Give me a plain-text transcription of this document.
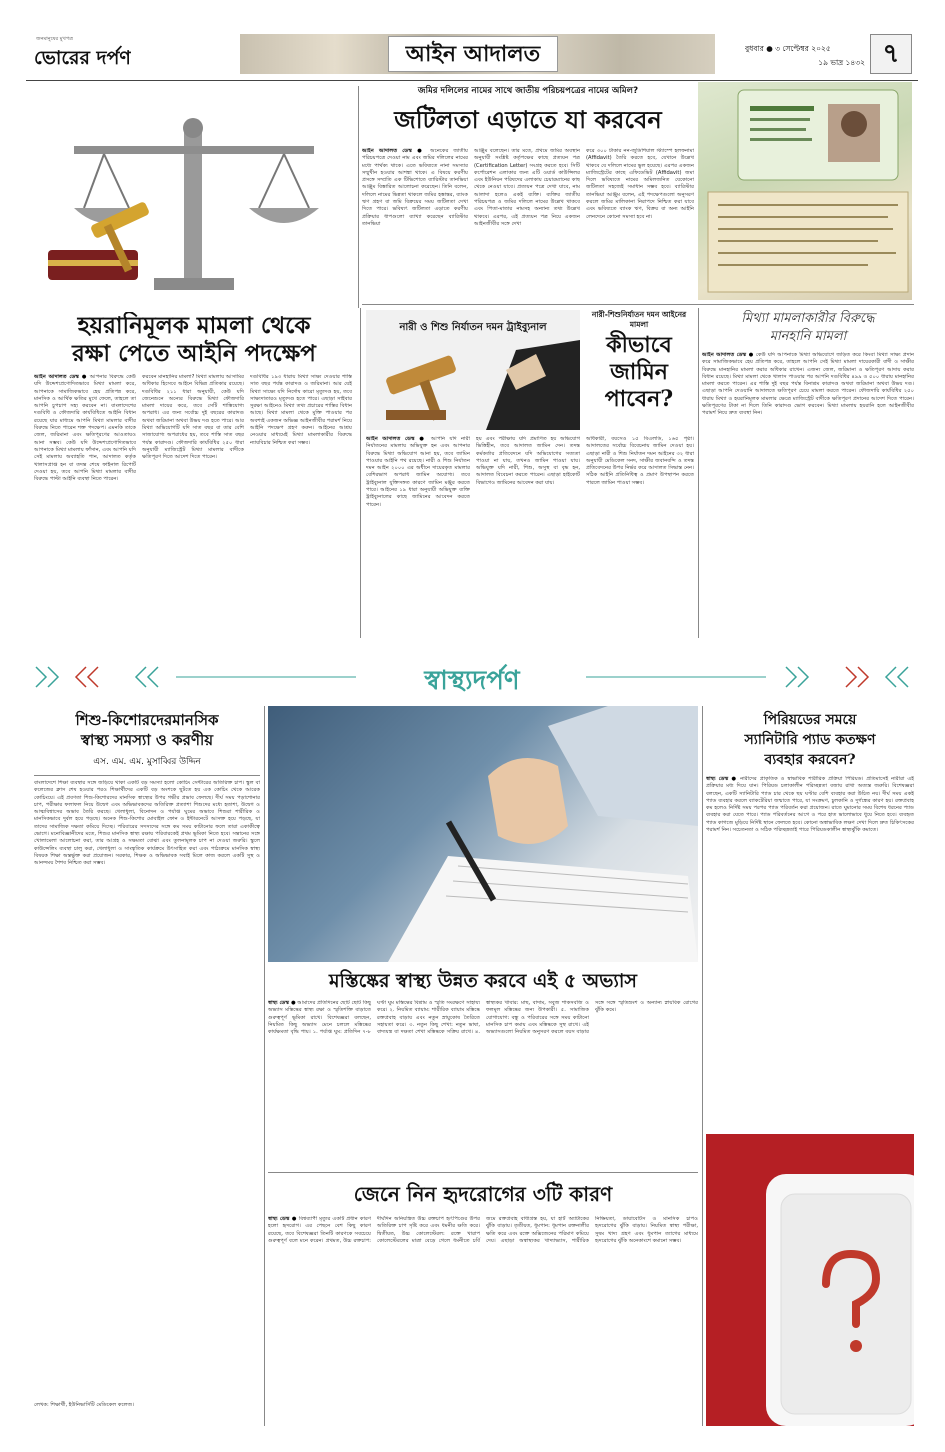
জনমানুষের মুখপত্র
ভোরের দর্পণ	আইন আদালত	বুধবার ● ৩ সেপ্টেম্বর ২০২৫
১৯ ভাদ্র ১৪৩২ ৭
জমির দলিলের নামের সাথে জাতীয় পরিচয়পত্রের নামের অমিল?
জটিলতা এড়াতে যা করবেন
আইন আদালত ডেস্ক ● অনেকের জাতীয় পরিচয়পত্রে দেওয়া নাম এবং জমির দলিলের নামের মধ্যে পার্থক্য থাকে। এতে ভবিষ্যতে নানা সমস্যার সম্মুখীন হওয়ার আশঙ্কা থাকে। এ বিষয়ে করণীয় প্রসঙ্গে সম্প্রতি এক টিভিশোতে ব্যারিস্টার তানভিয়া আঞ্জুম বিস্তারিত আলোচনা করেছেন। তিনি বলেন, দলিলে নামের ভিন্নতা থাকলে জমির হস্তান্তর, ব্যাংক ঋণ গ্রহণ বা জমি বিক্রয়ের সময় জটিলতা দেখা দিতে পারে। ভবিষ্যৎ জটিলতা এড়াতে করণীয় প্রক্রিয়ার ধাপগুলো ব্যাখ্যা করেছেন ব্যারিস্টার তানভিয়া
আঞ্জুম বলেছেন। তার মতে, প্রথমে জমির অবস্থান অনুযায়ী সংশ্লিষ্ট কর্তৃপক্ষের কাছে প্রত্যয়ন পত্র (Certification Letter) সংগ্রহ করতে হবে। সিটি কর্পোরেশন এলাকার জন্য এটি ওয়ার্ড কাউন্সিলর এবং ইউনিয়ন পরিষদের এলাকায় চেয়ারম্যানের কাছ থেকে নেওয়া যাবে। প্রত্যয়ন পত্রে দেখা যাবে, নাম আলাদা হলেও একই ব্যক্তি। ব্যক্তির জাতীয় পরিচয়পত্র ও জমির দলিলে নামের উল্লেখ থাকবে এবং পিতা-মাতার নামসহ অন্যান্য তথ্য উল্লেখ থাকবে। এরপর, এই প্রত্যয়ন পত্র নিয়ে একজন আইনজীবীর সঙ্গে দেখা
করে ৩০০ টাকার নন-জুডিশিয়াল স্ট্যাম্পে হলফনামা (Affidavit) তৈরি করতে হবে, যেখানে উল্লেখ থাকবে যে দলিলে নামের ভুল হয়েছে। এরপর একজন ম্যাজিস্ট্রেটের কাছে এফিডেভিট (Affidavit) জমা দিলে ভবিষ্যতে নামের অমিলজনিত যেকোনো জটিলতা সহজেই সমাধান সম্ভব হবে। ব্যারিস্টার তানভিয়া আঞ্জুম বলেন, এই পদক্ষেপগুলো অনুসরণ করলে জমির মালিকানা নিরাপদে নিশ্চিত করা যাবে এবং ভবিষ্যতে ব্যাংক ঋণ, বিক্রয় বা অন্য আইনি লেনদেনে কোনো সমস্যা হবে না।
হয়রানিমূলক মামলা থেকে
রক্ষা পেতে আইনি পদক্ষেপ
আইন আদালত ডেস্ক ● আপনার বিরুদ্ধে কেউ যদি উদ্দেশ্যপ্রণোদিতভাবে মিথ্যা মামলা করে, আপনাকে সামাজিকভাবে হেয় প্রতিপন্ন করে, মানসিক ও আর্থিক ক্ষতির মুখে ফেলে, তাহলে তা আপনি চুপচাপ সহ্য করবেন না। বাংলাদেশের দণ্ডবিধি ও ফৌজদারি কার্যবিধিতে আইনি বিধান রয়েছে যার মাধ্যমে আপনি মিথ্যা মামলার বাদীর বিরুদ্ধে নিতে পারেন শক্ত পদক্ষেপ। এমনকি তাকে জেল, জরিমানা এবং ক্ষতিপূরণের আওতায়ও আনা সম্ভব। কেউ যদি উদ্দেশ্যপ্রণোদিতভাবে আপনাকে মিথ্যা মামলায় ফাঁসান, এবং আপনি যদি সেই মামলায় অব্যাহতি পান, আদালত কর্তৃক খালাসপ্রাপ্ত হন বা তদন্ত শেষে ফাইনাল রিপোর্ট দেওয়া হয়, তবে আপনি মিথ্যা মামলার বাদীর বিরুদ্ধে পাল্টা আইনি ব্যবস্থা নিতে পারেন।
করবেন মানহানির মামলা? মিথ্যা মামলায় আসামির অধিকার হিসেবে আইনে বিভিন্ন প্রতিকার রয়েছে। দণ্ডবিধির ২১১ ধারা অনুযায়ী, কেউ যদি জেনেশুনে অন্যের বিরুদ্ধে মিথ্যা ফৌজদারি মামলা দায়ের করে, তবে সেটি শাস্তিযোগ্য অপরাধ। এর জন্য সর্বোচ্চ দুই বছরের কারাদণ্ড অথবা জরিমানা অথবা উভয় দণ্ড হতে পারে। আর মিথ্যা অভিযোগটি যদি সাত বছর বা তার বেশি সাজাযোগ্য অপরাধের হয়, তবে শাস্তি সাত বছর পর্যন্ত কারাদণ্ড। ফৌজদারি কার্যবিধির ২৫০ ধারা অনুযায়ী ম্যাজিস্ট্রেট মিথ্যা মামলার বাদীকে ক্ষতিপূরণ দিতে আদেশ দিতে পারেন।
দণ্ডবিধির ১৯৩ ধারায় মিথ্যা সাক্ষ্য দেওয়ার শাস্তি সাত বছর পর্যন্ত কারাদণ্ড ও জরিমানা। আর যেই মিথ্যা সাক্ষ্যে যদি নির্দোষ কারো মৃত্যুদণ্ড হয়, তবে সাক্ষ্যদাতারও মৃত্যুদণ্ড হতে পারে। এছাড়া সাইবার সুরক্ষা আইনেও মিথ্যা তথ্য প্রচারের শাস্তির বিধান আছে। মিথ্যা মামলা থেকে মুক্তি পাওয়ার পর অবশ্যই একজন অভিজ্ঞ আইনজীবীর পরামর্শ নিয়ে আইনি পদক্ষেপ গ্রহণ করুন। আইনের আশ্রয় নেওয়ার মাধ্যমেই মিথ্যা মামলাকারীর বিরুদ্ধে ন্যায়বিচার নিশ্চিত করা সম্ভব।
নারী ও শিশু নির্যাতন দমন ট্রাইব্যুনাল
নারী-শিশুনির্যাতন দমন আইনের মামলা
কীভাবে
জামিন
পাবেন?
আইন আদালত ডেস্ক ● আপনি যদি নারী নির্যাতনের মামলায় অভিযুক্ত হন এবং আপনার বিরুদ্ধে মিথ্যা অভিযোগ আনা হয়, তবে জামিন পাওয়ার আইনি পথ রয়েছে। নারী ও শিশু নির্যাতন দমন আইন ২০০০ এর অধীনে দায়েরকৃত মামলার বেশিরভাগ অপরাধ জামিন অযোগ্য। তবে ট্রাইব্যুনাল যুক্তিসঙ্গত কারণে জামিন মঞ্জুর করতে পারে। আইনের ১৯ ধারা অনুযায়ী অভিযুক্ত ব্যক্তি ট্রাইব্যুনালের কাছে জামিনের আবেদন করতে পারেন।
হয় এবং পরীক্ষায় যদি প্রমাণিত হয় অভিযোগ ভিত্তিহীন, তবে আদালত জামিন দেন। তদন্ত কর্মকর্তার প্রতিবেদনে যদি অভিযোগের সত্যতা পাওয়া না যায়, তখনও জামিন পাওয়া যায়। অভিযুক্ত যদি নারী, শিশু, অসুস্থ বা বৃদ্ধ হন, আদালত বিবেচনা করতে পারেন। এছাড়া হাইকোর্ট বিভাগেও জামিনের আবেদন করা যায়।
অধিকারী, বয়সেও ১৫ বিএলডি, ১৬৫ পৃষ্ঠা। আদালতের সর্বোচ্চ বিবেচনায় জামিন দেওয়া হয়। এছাড়া নারী ও শিশু নির্যাতন দমন আইনের ৩২ ধারা অনুযায়ী মেডিকেল সনদ, সাক্ষীর জবানবন্দি ও তদন্ত প্রতিবেদনের উপর নির্ভর করে আদালত সিদ্ধান্ত নেন। সঠিক আইনি প্রতিনিধিত্ব ও প্রমাণ উপস্থাপন করতে পারলে জামিন পাওয়া সম্ভব।
মিথ্যা মামলাকারীর বিরুদ্ধে
মানহানি মামলা
আইন আদালত ডেস্ক ● কেউ যদি আপনাকে মিথ্যা অভিযোগে জড়িত করে কিংবা মিথ্যা সাক্ষ্য প্রদান করে সামাজিকভাবে হেয় প্রতিপন্ন করে, তাহলে আপনি সেই মিথ্যা মামলা দায়েরকারী বাদী ও সাক্ষীর বিরুদ্ধে মানহানির মামলা করার অধিকার রাখেন। এজন্য জেল, জরিমানা ও ক্ষতিপূরণ আদায় করার বিধান রয়েছে। মিথ্যা মামলা থেকে খালাস পাওয়ার পর আপনি দণ্ডবিধির ৪৯৯ ও ৫০০ ধারায় মানহানির মামলা করতে পারেন। এর শাস্তি দুই বছর পর্যন্ত বিনাশ্রম কারাদণ্ড অথবা জরিমানা অথবা উভয় দণ্ড। এছাড়া আপনি দেওয়ানি আদালতে ক্ষতিপূরণ চেয়ে মামলা করতে পারেন। ফৌজদারি কার্যবিধির ২৫০ ধারায় মিথ্যা ও হয়রানিমূলক মামলার ক্ষেত্রে ম্যাজিস্ট্রেট বাদীকে ক্ষতিপূরণ প্রদানের আদেশ দিতে পারেন। ক্ষতিপূরণের টাকা না দিলে তিনি কারাদণ্ড ভোগ করবেন। মিথ্যা মামলায় হয়রানি হলে আইনজীবীর পরামর্শ নিয়ে দ্রুত ব্যবস্থা নিন।
স্বাস্থ্যদর্পণ
শিশু-কিশোরদেরমানসিক
স্বাস্থ্য সমস্যা ও করণীয়
এস. এম. এম. মুসাব্বির উদ্দিন
বাংলাদেশে শিক্ষা ব্যবস্থার সঙ্গে জড়িয়ে থাকা একটি বড় সমস্যা হলো কোচিং সেন্টারের অতিরিক্ত চাপ। স্কুল বা কলেজের ক্লাস শেষ হওয়ার পরও শিক্ষার্থীদের একটি বড় অংশকে ছুটতে হয় এক কোচিং থেকে আরেক কোচিংয়ে। এই প্রবণতা শিশু-কিশোরদের মানসিক স্বাস্থ্যের উপর গভীর প্রভাব ফেলছে। দীর্ঘ সময় পড়াশোনার চাপ, পরীক্ষার ফলাফল নিয়ে উদ্বেগ এবং অভিভাবকদের অতিরিক্ত প্রত্যাশা শিশুদের মধ্যে হতাশা, উদ্বেগ ও আত্মবিশ্বাসের অভাব তৈরি করছে। খেলাধুলা, বিনোদন ও পর্যাপ্ত ঘুমের অভাবে শিশুরা শারীরিক ও মানসিকভাবে দুর্বল হয়ে পড়ছে। অনেক শিশু-কিশোর মোবাইল ফোন ও ইন্টারনেটে আসক্ত হয়ে পড়ছে, যা তাদের সামাজিক দক্ষতা কমিয়ে দিচ্ছে। পরিবারের সদস্যদের সঙ্গে কম সময় কাটানোর ফলে তারা একাকীত্বে ভোগে। মনোবিজ্ঞানীদের মতে, শিশুর মানসিক স্বাস্থ্য রক্ষায় পরিবারকেই প্রথম ভূমিকা নিতে হবে। সন্তানের সঙ্গে খোলামেলা আলোচনা করা, তার আগ্রহ ও সক্ষমতা বোঝা এবং তুলনামূলক চাপ না দেওয়া জরুরি। স্কুলে কাউন্সেলিং ব্যবস্থা চালু করা, খেলাধুলা ও সাংস্কৃতিক কার্যক্রমে উৎসাহিত করা এবং পাঠ্যক্রমে মানসিক স্বাস্থ্য বিষয়ক শিক্ষা অন্তর্ভুক্ত করা প্রয়োজন। সরকার, শিক্ষক ও অভিভাবক সবাই মিলে কাজ করলে একটি সুস্থ ও আনন্দময় শৈশব নিশ্চিত করা সম্ভব।
লেখক: শিক্ষার্থী, ইউনিভার্সিটি মেডিকেল কলেজ।
মস্তিষ্কের স্বাস্থ্য উন্নত করবে এই ৫ অভ্যাস
স্বাস্থ্য ডেস্ক ● আমাদের প্রতিদিনের ছোট ছোট কিছু অভ্যাস মস্তিষ্কের স্বাস্থ্য রক্ষা ও স্মৃতিশক্তি বাড়াতে গুরুত্বপূর্ণ ভূমিকা রাখে। বিশেষজ্ঞরা বলছেন, নিয়মিত কিছু অভ্যাস মেনে চললে মস্তিষ্কের কার্যক্ষমতা বৃদ্ধি পায়। ১. পর্যাপ্ত ঘুম: প্রতিদিন ৭-৮ ঘণ্টা ঘুম মস্তিষ্কের বিশ্রাম ও স্মৃতি সংরক্ষণে সাহায্য করে। ২. নিয়মিত ব্যায়াম: শারীরিক ব্যায়াম মস্তিষ্কে রক্তপ্রবাহ বাড়ায় এবং নতুন স্নায়ুকোষ তৈরিতে সহায়তা করে। ৩. নতুন কিছু শেখা: নতুন ভাষা, বাদ্যযন্ত্র বা দক্ষতা শেখা মস্তিষ্ককে সক্রিয় রাখে। ৪. স্বাস্থ্যকর খাবার: মাছ, বাদাম, সবুজ শাকসবজি ও ফলমূল মস্তিষ্কের জন্য উপকারী। ৫. সামাজিক যোগাযোগ: বন্ধু ও পরিবারের সঙ্গে সময় কাটানো মানসিক চাপ কমায় এবং মস্তিষ্ককে সুস্থ রাখে। এই অভ্যাসগুলো নিয়মিত অনুসরণ করলে বয়স বাড়ার সঙ্গে সঙ্গে স্মৃতিভ্রংশ ও অন্যান্য স্নায়বিক রোগের ঝুঁকি কমে।
জেনে নিন হৃদরোগের ৩টি কারণ
স্বাস্থ্য ডেস্ক ● বিশ্বব্যাপী মৃত্যুর একটি প্রধান কারণ হলো হৃদরোগ। এর পেছনে বেশ কিছু কারণ রয়েছে, তবে বিশেষজ্ঞরা তিনটি কারণকে সবচেয়ে গুরুত্বপূর্ণ বলে মনে করেন। প্রথমত, উচ্চ রক্তচাপ: দীর্ঘদিন অনিয়ন্ত্রিত উচ্চ রক্তচাপ হৃৎপিণ্ডের উপর অতিরিক্ত চাপ সৃষ্টি করে এবং ধমনীর ক্ষতি করে। দ্বিতীয়ত, উচ্চ কোলেস্টেরল: রক্তে খারাপ কোলেস্টেরলের মাত্রা বেড়ে গেলে ধমনীতে চর্বি জমে রক্তপ্রবাহ বাধাগ্রস্ত হয়, যা হার্ট অ্যাটাকের ঝুঁকি বাড়ায়। তৃতীয়ত, ধূমপান: ধূমপান রক্তনালীর ক্ষতি করে এবং রক্তে অক্সিজেনের পরিমাণ কমিয়ে দেয়। এছাড়া অস্বাস্থ্যকর খাদ্যাভ্যাস, শারীরিক নিষ্ক্রিয়তা, ডায়াবেটিস ও মানসিক চাপও হৃদরোগের ঝুঁকি বাড়ায়। নিয়মিত স্বাস্থ্য পরীক্ষা, সুষম খাদ্য গ্রহণ এবং ধূমপান ত্যাগের মাধ্যমে হৃদরোগের ঝুঁকি অনেকাংশে কমানো সম্ভব।
পিরিয়ডের সময়ে
স্যানিটারি প্যাড কতক্ষণ
ব্যবহার করবেন?
স্বাস্থ্য ডেস্ক ● নারীদের প্রাকৃতিক ও স্বাভাবিক শারীরিক প্রক্রিয়া পিরিয়ড। প্রতিমাসেই নারীরা এই প্রক্রিয়ার মধ্য দিয়ে যান। পিরিয়ড চলাকালীন পরিচ্ছন্নতা বজায় রাখা অত্যন্ত জরুরি। বিশেষজ্ঞরা বলছেন, একটি স্যানিটারি প্যাড চার থেকে ছয় ঘণ্টার বেশি ব্যবহার করা উচিত নয়। দীর্ঘ সময় একই প্যাড ব্যবহার করলে ব্যাকটেরিয়া জন্মাতে পারে, যা সংক্রমণ, চুলকানি ও দুর্গন্ধের কারণ হয়। রক্তপ্রবাহ কম হলেও নির্দিষ্ট সময় পরপর প্যাড পরিবর্তন করা প্রয়োজন। রাতে ঘুমানোর সময় বিশেষ ধরনের প্যাড ব্যবহার করা যেতে পারে। প্যাড পরিবর্তনের আগে ও পরে হাত ভালোভাবে ধুয়ে নিতে হবে। ব্যবহৃত প্যাড কাগজে মুড়িয়ে নির্দিষ্ট স্থানে ফেলতে হবে। কোনো অস্বাভাবিক লক্ষণ দেখা দিলে দ্রুত চিকিৎসকের পরামর্শ নিন। সচেতনতা ও সঠিক পরিচ্ছন্নতাই পারে পিরিয়ডকালীন স্বাস্থ্যঝুঁকি কমাতে।
